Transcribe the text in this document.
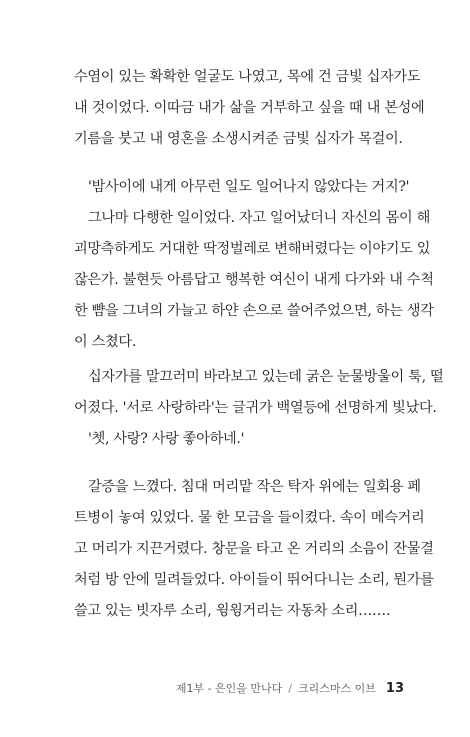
수염이 있는 확확한 얼굴도 나였고, 목에 건 금빛 십자가도
내 것이었다. 이따금 내가 삶을 거부하고 싶을 때 내 본성에
기름을 붓고 내 영혼을 소생시켜준 금빛 십자가 목걸이.
'밤사이에 내게 아무런 일도 일어나지 않았다는 거지?'
그나마 다행한 일이었다. 자고 일어났더니 자신의 몸이 해
괴망측하게도 거대한 딱정벌레로 변해버렸다는 이야기도 있
잖은가. 불현듯 아름답고 행복한 여신이 내게 다가와 내 수척
한 뺨을 그녀의 가늘고 하얀 손으로 쓸어주었으면, 하는 생각
이 스쳤다.
십자가를 말끄러미 바라보고 있는데 굵은 눈물방울이 툭, 떨
어졌다. '서로 사랑하라'는 글귀가 백열등에 선명하게 빛났다.
'쳇, 사랑? 사랑 좋아하네.'
갈증을 느꼈다. 침대 머리맡 작은 탁자 위에는 일회용 페
트병이 놓여 있었다. 물 한 모금을 들이켰다. 속이 메슥거리
고 머리가 지끈거렸다. 창문을 타고 온 거리의 소음이 잔물결
처럼 방 안에 밀려들었다. 아이들이 뛰어다니는 소리, 뭔가를
쓸고 있는 빗자루 소리, 윙윙거리는 자동차 소리…….
제1부 - 은인을 만나다 / 크리스마스 이브 13
